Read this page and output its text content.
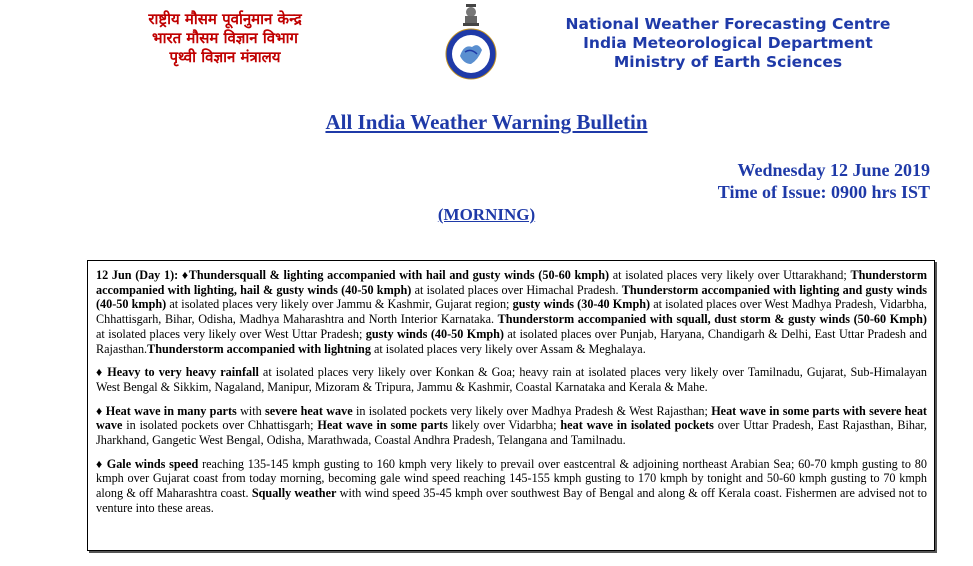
राष्ट्रीय मौसम पूर्वानुमान केन्द्र
भारत मौसम विज्ञान विभाग
पृथ्वी विज्ञान मंत्रालय
National Weather Forecasting Centre
India Meteorological Department
Ministry of Earth Sciences
All India Weather Warning Bulletin
Wednesday 12 June 2019
Time of Issue: 0900 hrs IST
(MORNING)

12 Jun (Day 1): ♦Thundersquall & lighting accompanied with hail and gusty winds (50-60 kmph) at isolated places very likely over Uttarakhand; Thunderstorm accompanied with lighting, hail & gusty winds (40-50 kmph) at isolated places over Himachal Pradesh. Thunderstorm accompanied with lighting and gusty winds (40-50 kmph) at isolated places very likely over Jammu & Kashmir, Gujarat region; gusty winds (30-40 Kmph) at isolated places over West Madhya Pradesh, Vidarbha, Chhattisgarh, Bihar, Odisha, Madhya Maharashtra and North Interior Karnataka. Thunderstorm accompanied with squall, dust storm & gusty winds (50-60 Kmph) at isolated places very likely over West Uttar Pradesh; gusty winds (40-50 Kmph) at isolated places over Punjab, Haryana, Chandigarh & Delhi, East Uttar Pradesh and Rajasthan.Thunderstorm accompanied with lightning at isolated places very likely over Assam & Meghalaya.

♦ Heavy to very heavy rainfall at isolated places very likely over Konkan & Goa; heavy rain at isolated places very likely over Tamilnadu, Gujarat, Sub-Himalayan West Bengal & Sikkim, Nagaland, Manipur, Mizoram & Tripura, Jammu & Kashmir, Coastal Karnataka and Kerala & Mahe.

♦ Heat wave in many parts with severe heat wave in isolated pockets very likely over Madhya Pradesh & West Rajasthan; Heat wave in some parts with severe heat wave in isolated pockets over Chhattisgarh; Heat wave in some parts likely over Vidarbha; heat wave in isolated pockets over Uttar Pradesh, East Rajasthan, Bihar, Jharkhand, Gangetic West Bengal, Odisha, Marathwada, Coastal Andhra Pradesh, Telangana and Tamilnadu.

♦ Gale winds speed reaching 135-145 kmph gusting to 160 kmph very likely to prevail over eastcentral & adjoining northeast Arabian Sea; 60-70 kmph gusting to 80 kmph over Gujarat coast from today morning, becoming gale wind speed reaching 145-155 kmph gusting to 170 kmph by tonight and 50-60 kmph gusting to 70 kmph along & off Maharashtra coast. Squally weather with wind speed 35-45 kmph over southwest Bay of Bengal and along & off Kerala coast. Fishermen are advised not to venture into these areas.
